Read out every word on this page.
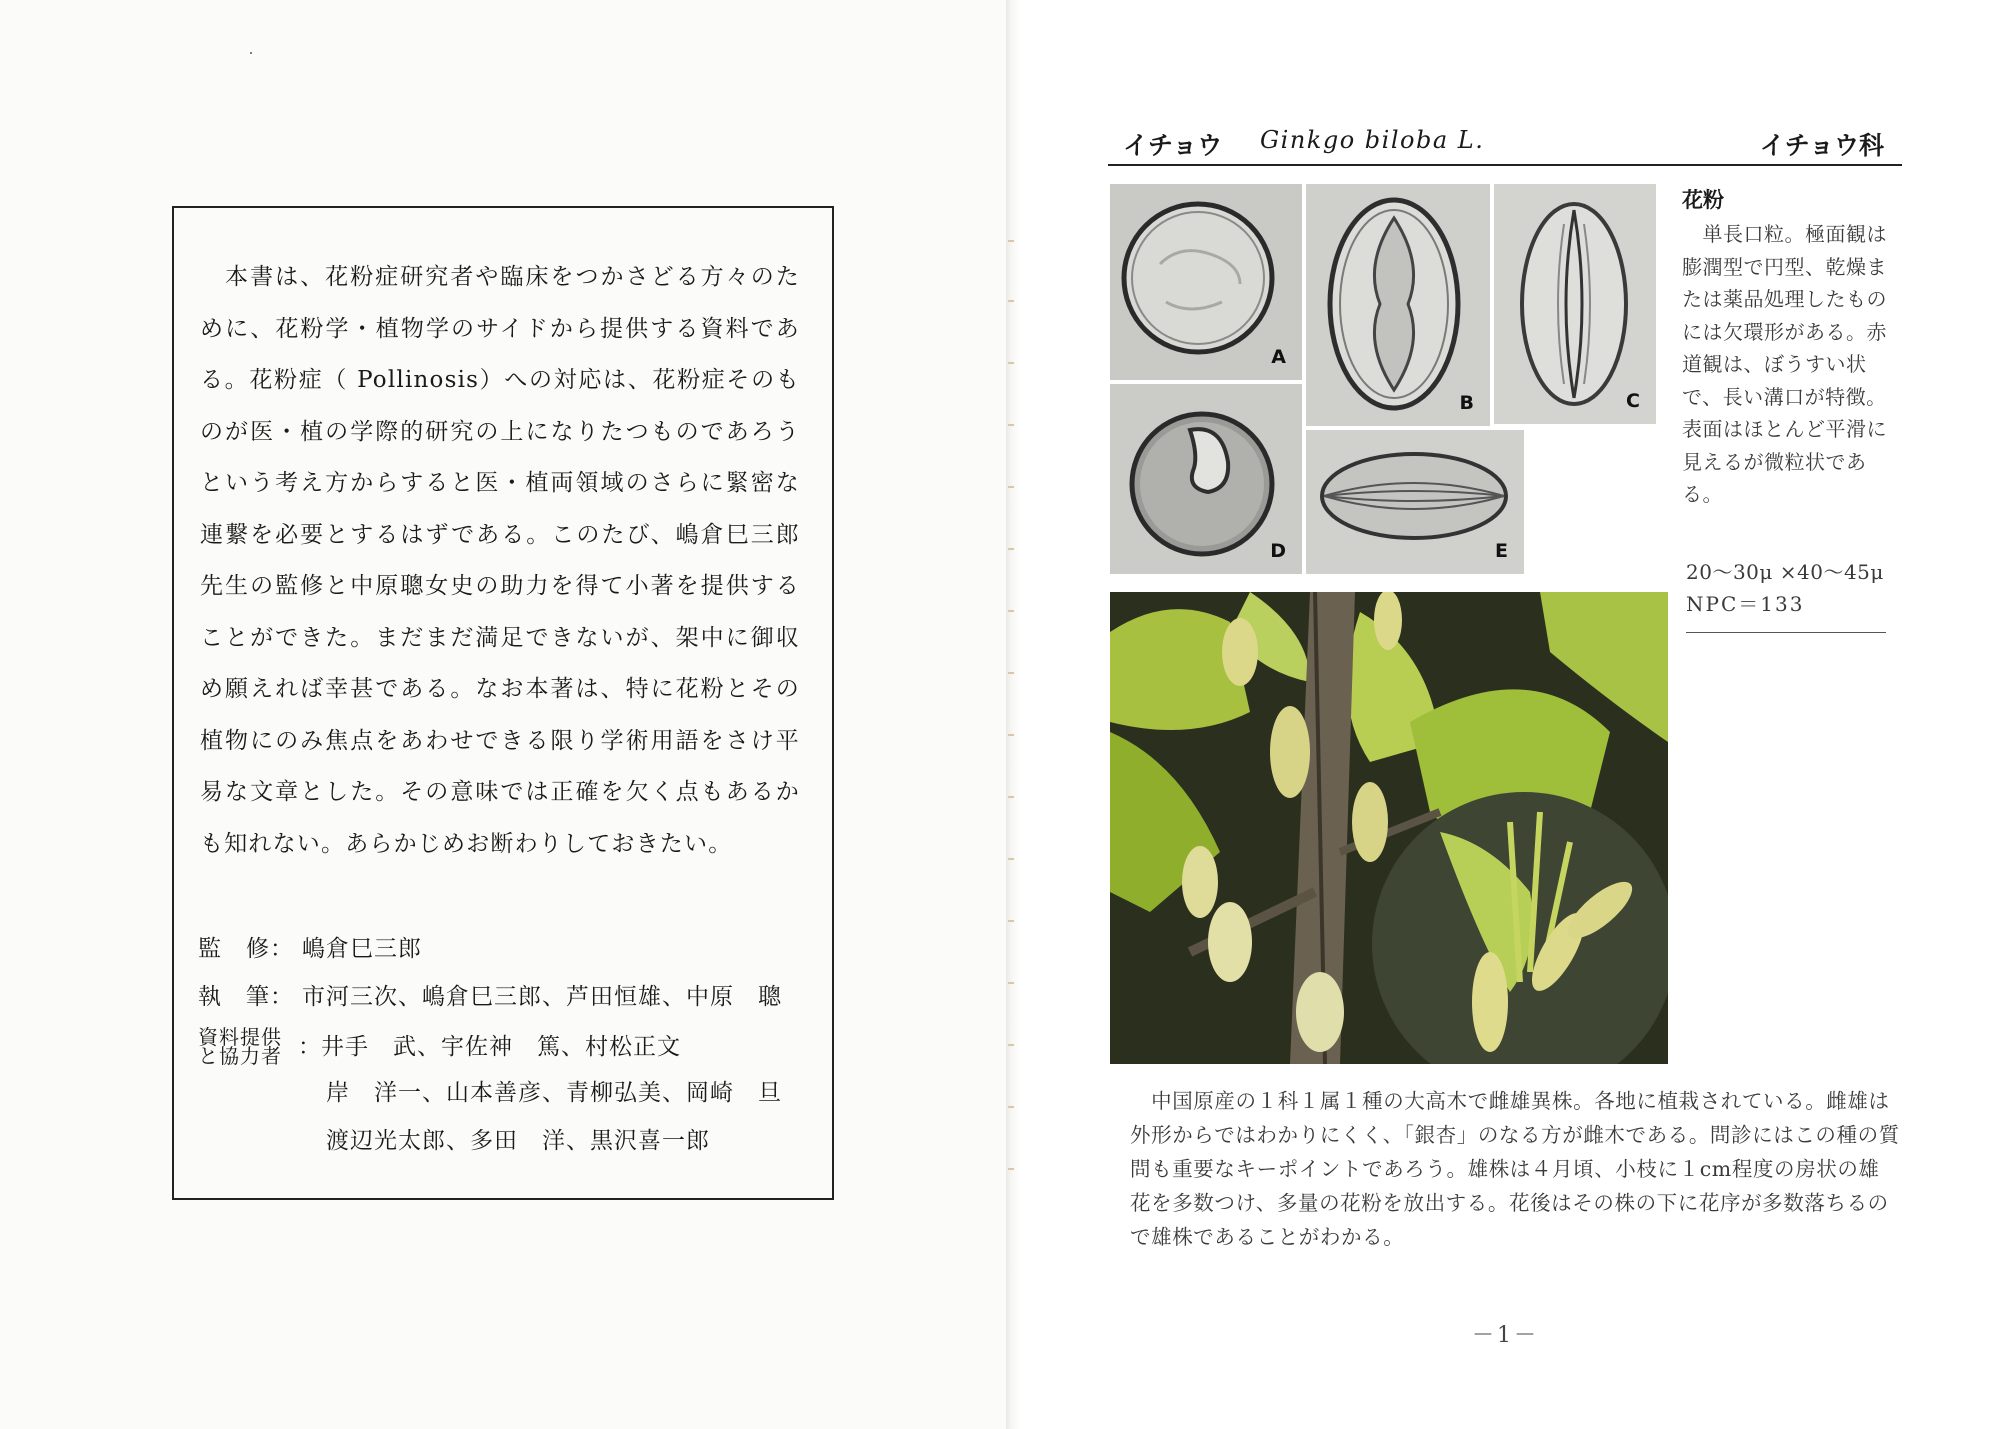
　本書は、花粉症研究者や臨床をつかさどる方々のために、花粉学・植物学のサイドから提供する資料である。花粉症（ Pollinosis）への対応は、花粉症そのものが医・植の学際的研究の上になりたつものであろうという考え方からすると医・植両領域のさらに緊密な連繋を必要とするはずである。このたび、嶋倉巳三郎先生の監修と中原聰女史の助力を得て小著を提供することができた。まだまだ満足できないが、架中に御収め願えれば幸甚である。なお本著は、特に花粉とその植物にのみ焦点をあわせできる限り学術用語をさけ平易な文章とした。その意味では正確を欠く点もあるかも知れない。あらかじめお断わりしておきたい。
監　修： 嶋倉巳三郎
執　筆： 市河三次、嶋倉巳三郎、芦田恒雄、中原　聰
資料提供
と協力者 ：井手　武、宇佐神　篤、村松正文
岸　洋一、山本善彦、青柳弘美、岡崎　旦
渡辺光太郎、多田　洋、黒沢喜一郎
イチョウ Ginkgo biloba L.	イチョウ科
A
B	C
D	E
花粉
　単長口粒。極面観は膨潤型で円型、乾燥または薬品処理したものには欠環形がある。赤道観は、ぼうすい状で、長い溝口が特徴。　表面はほとんど平滑に見えるが微粒状である。
20〜30μ ×40〜45μ
NPC＝133
　中国原産の１科１属１種の大高木で雌雄異株。各地に植栽されている。雌雄は外形からではわかりにくく、「銀杏」のなる方が雌木である。問診にはこの種の質問も重要なキーポイントであろう。雄株は４月頃、小枝に１cm程度の房状の雄花を多数つけ、多量の花粉を放出する。花後はその株の下に花序が多数落ちるので雄株であることがわかる。
－1－
